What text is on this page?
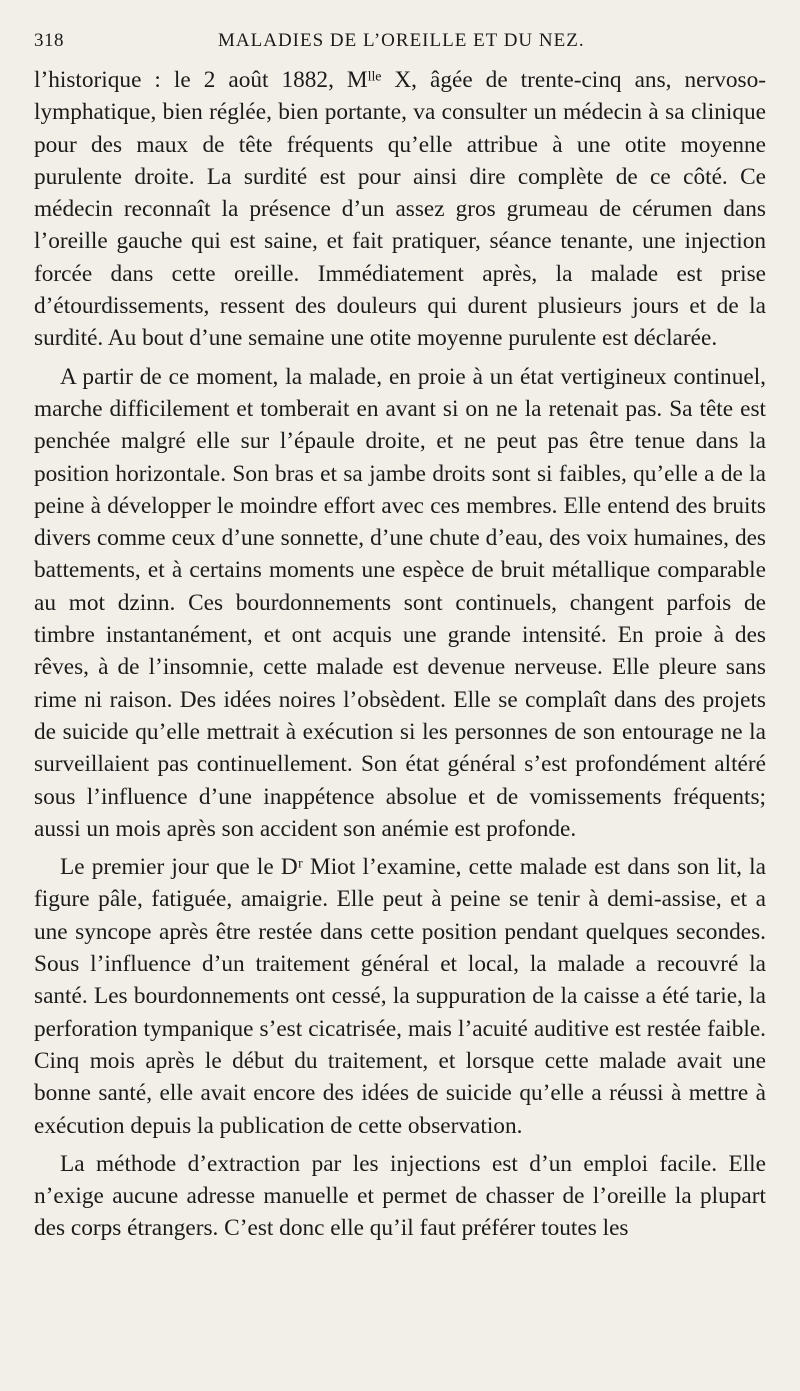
318	MALADIES DE L’OREILLE ET DU NEZ.

l’historique : le 2 août 1882, Mˡˡᵉ X, âgée de trente-cinq ans, nervoso-lymphatique, bien réglée, bien portante, va consulter un médecin à sa clinique pour des maux de tête fréquents qu’elle attribue à une otite moyenne purulente droite. La surdité est pour ainsi dire complète de ce côté. Ce médecin reconnaît la présence d’un assez gros grumeau de cérumen dans l’oreille gauche qui est saine, et fait pratiquer, séance tenante, une injection forcée dans cette oreille. Immédiatement après, la malade est prise d’étourdissements, ressent des douleurs qui durent plusieurs jours et de la surdité. Au bout d’une semaine une otite moyenne purulente est déclarée.

A partir de ce moment, la malade, en proie à un état vertigineux continuel, marche difficilement et tomberait en avant si on ne la retenait pas. Sa tête est penchée malgré elle sur l’épaule droite, et ne peut pas être tenue dans la position horizontale. Son bras et sa jambe droits sont si faibles, qu’elle a de la peine à développer le moindre effort avec ces membres. Elle entend des bruits divers comme ceux d’une sonnette, d’une chute d’eau, des voix humaines, des battements, et à certains moments une espèce de bruit métallique comparable au mot dzinn. Ces bourdonnements sont continuels, changent parfois de timbre instantanément, et ont acquis une grande intensité. En proie à des rêves, à de l’insomnie, cette malade est devenue nerveuse. Elle pleure sans rime ni raison. Des idées noires l’obsèdent. Elle se complaît dans des projets de suicide qu’elle mettrait à exécution si les personnes de son entourage ne la surveillaient pas continuellement. Son état général s’est profondément altéré sous l’influence d’une inappétence absolue et de vomissements fréquents; aussi un mois après son accident son anémie est profonde.

Le premier jour que le Dʳ Miot l’examine, cette malade est dans son lit, la figure pâle, fatiguée, amaigrie. Elle peut à peine se tenir à demi-assise, et a une syncope après être restée dans cette position pendant quelques secondes. Sous l’influence d’un traitement général et local, la malade a recouvré la santé. Les bourdonnements ont cessé, la suppuration de la caisse a été tarie, la perforation tympanique s’est cicatrisée, mais l’acuité auditive est restée faible. Cinq mois après le début du traitement, et lorsque cette malade avait une bonne santé, elle avait encore des idées de suicide qu’elle a réussi à mettre à exécution depuis la publication de cette observation.

La méthode d’extraction par les injections est d’un emploi facile. Elle n’exige aucune adresse manuelle et permet de chasser de l’oreille la plupart des corps étrangers. C’est donc elle qu’il faut préférer toutes les
